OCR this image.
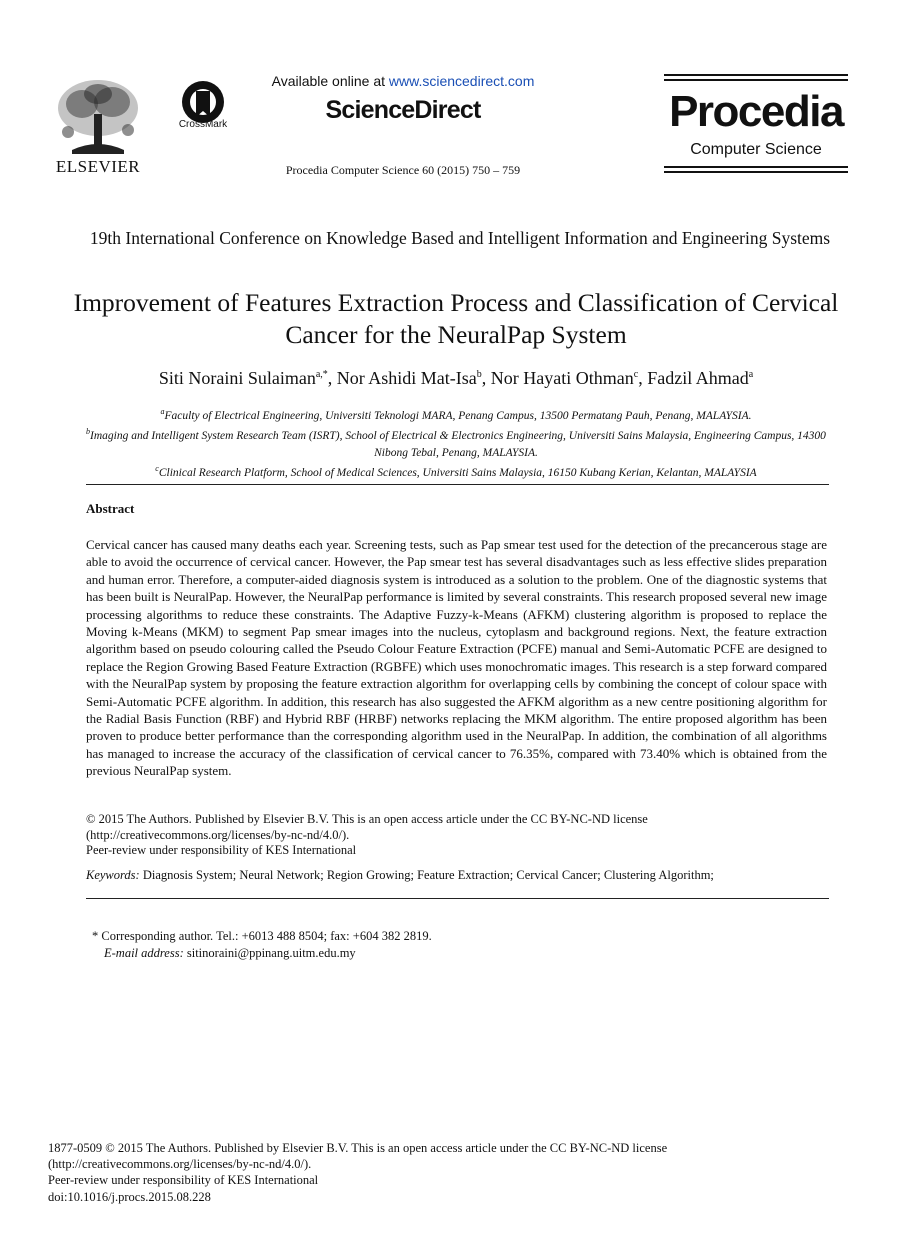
ELSEVIER
CrossMark
Available online at www.sciencedirect.com
ScienceDirect
Procedia Computer Science 60 (2015) 750 – 759
Procedia
Computer Science
19th International Conference on Knowledge Based and Intelligent Information and Engineering Systems
Improvement of Features Extraction Process and Classification of Cervical Cancer for the NeuralPap System
Siti Noraini Sulaiman$^{a,*}$, Nor Ashidi Mat-Isa$^b$, Nor Hayati Othman$^c$, Fadzil Ahmad$^a$
$^a$Faculty of Electrical Engineering, Universiti Teknologi MARA, Penang Campus, 13500 Permatang Pauh, Penang, MALAYSIA.
$^b$Imaging and Intelligent System Research Team (ISRT), School of Electrical & Electronics Engineering, Universiti Sains Malaysia, Engineering Campus, 14300 Nibong Tebal, Penang, MALAYSIA.
$^c$Clinical Research Platform, School of Medical Sciences, Universiti Sains Malaysia, 16150 Kubang Kerian, Kelantan, MALAYSIA
Abstract
Cervical cancer has caused many deaths each year. Screening tests, such as Pap smear test used for the detection of the precancerous stage are able to avoid the occurrence of cervical cancer. However, the Pap smear test has several disadvantages such as less effective slides preparation and human error. Therefore, a computer-aided diagnosis system is introduced as a solution to the problem. One of the diagnostic systems that has been built is NeuralPap. However, the NeuralPap performance is limited by several constraints. This research proposed several new image processing algorithms to reduce these constraints. The Adaptive Fuzzy-k-Means (AFKM) clustering algorithm is proposed to replace the Moving k-Means (MKM) to segment Pap smear images into the nucleus, cytoplasm and background regions. Next, the feature extraction algorithm based on pseudo colouring called the Pseudo Colour Feature Extraction (PCFE) manual and Semi-Automatic PCFE are designed to replace the Region Growing Based Feature Extraction (RGBFE) which uses monochromatic images. This research is a step forward compared with the NeuralPap system by proposing the feature extraction algorithm for overlapping cells by combining the concept of colour space with Semi-Automatic PCFE algorithm. In addition, this research has also suggested the AFKM algorithm as a new centre positioning algorithm for the Radial Basis Function (RBF) and Hybrid RBF (HRBF) networks replacing the MKM algorithm. The entire proposed algorithm has been proven to produce better performance than the corresponding algorithm used in the NeuralPap. In addition, the combination of all algorithms has managed to increase the accuracy of the classification of cervical cancer to 76.35%, compared with 73.40% which is obtained from the previous NeuralPap system.
© 2015 The Authors. Published by Elsevier B.V. This is an open access article under the CC BY-NC-ND license
(http://creativecommons.org/licenses/by-nc-nd/4.0/).
Peer-review under responsibility of KES International
Keywords: Diagnosis System; Neural Network; Region Growing; Feature Extraction; Cervical Cancer; Clustering Algorithm;
* Corresponding author. Tel.: +6013 488 8504; fax: +604 382 2819.
E-mail address: sitinoraini@ppinang.uitm.edu.my
1877-0509 © 2015 The Authors. Published by Elsevier B.V. This is an open access article under the CC BY-NC-ND license
(http://creativecommons.org/licenses/by-nc-nd/4.0/).
Peer-review under responsibility of KES International
doi:10.1016/j.procs.2015.08.228
